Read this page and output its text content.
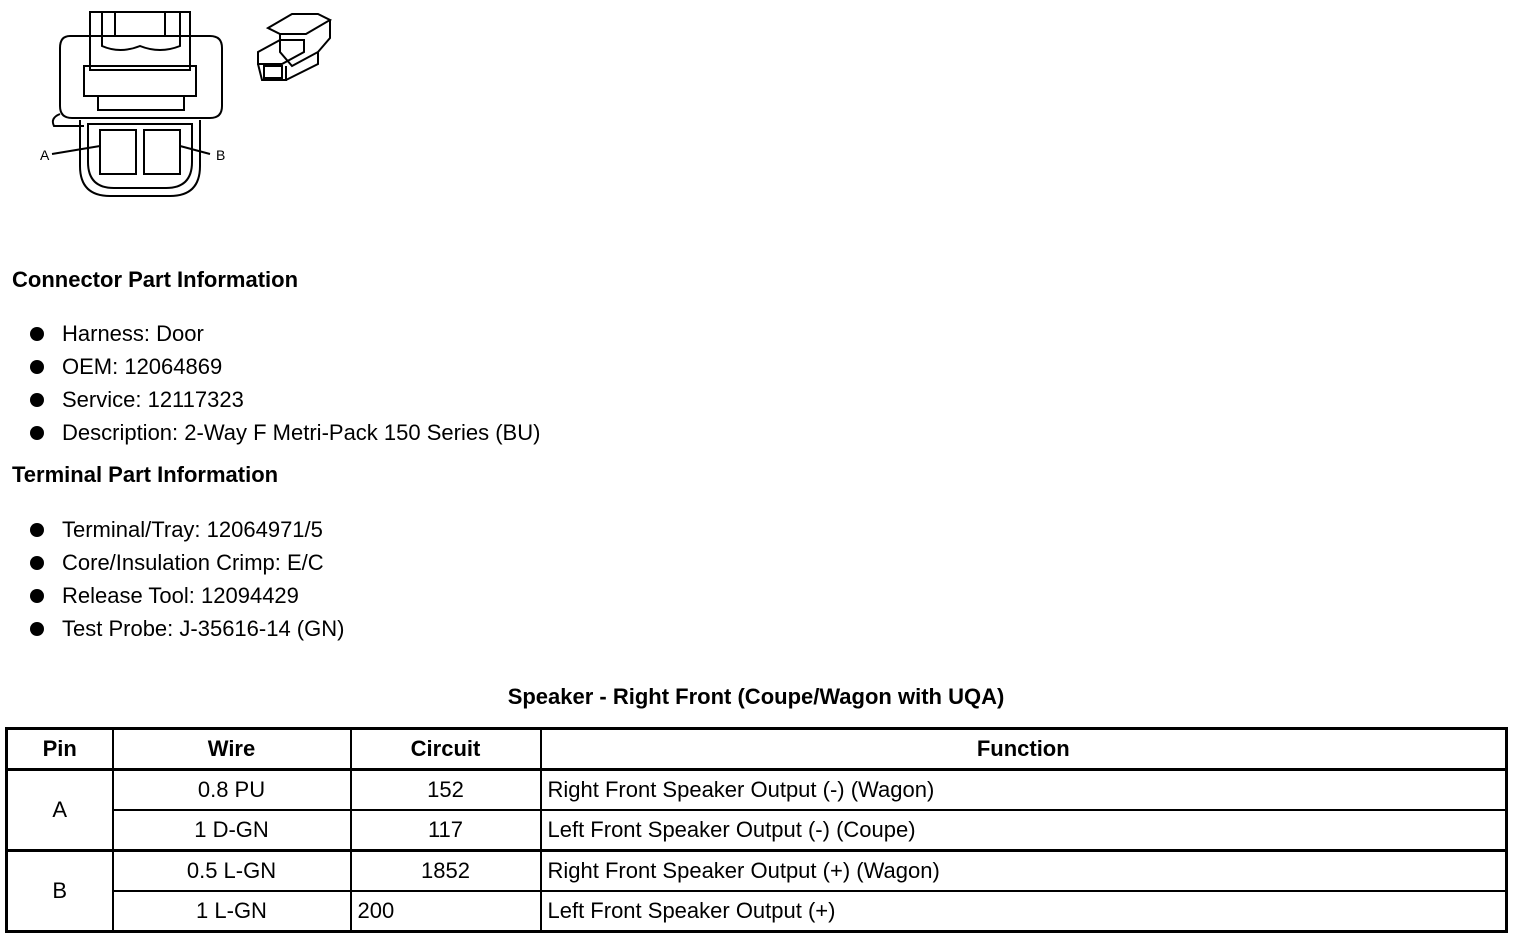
A	B
Connector Part Information
Harness: Door
OEM: 12064869
Service: 12117323
Description: 2-Way F Metri-Pack 150 Series (BU)
Terminal Part Information
Terminal/Tray: 12064971/5
Core/Insulation Crimp: E/C
Release Tool: 12094429
Test Probe: J-35616-14 (GN)
Speaker - Right Front (Coupe/Wagon with UQA)
Pin	Wire	Circuit	Function
A	0.8 PU	152	Right Front Speaker Output (-) (Wagon)
	1 D-GN	117	Left Front Speaker Output (-) (Coupe)
B	0.5 L-GN	1852	Right Front Speaker Output (+) (Wagon)
	1 L-GN	200	Left Front Speaker Output (+)
